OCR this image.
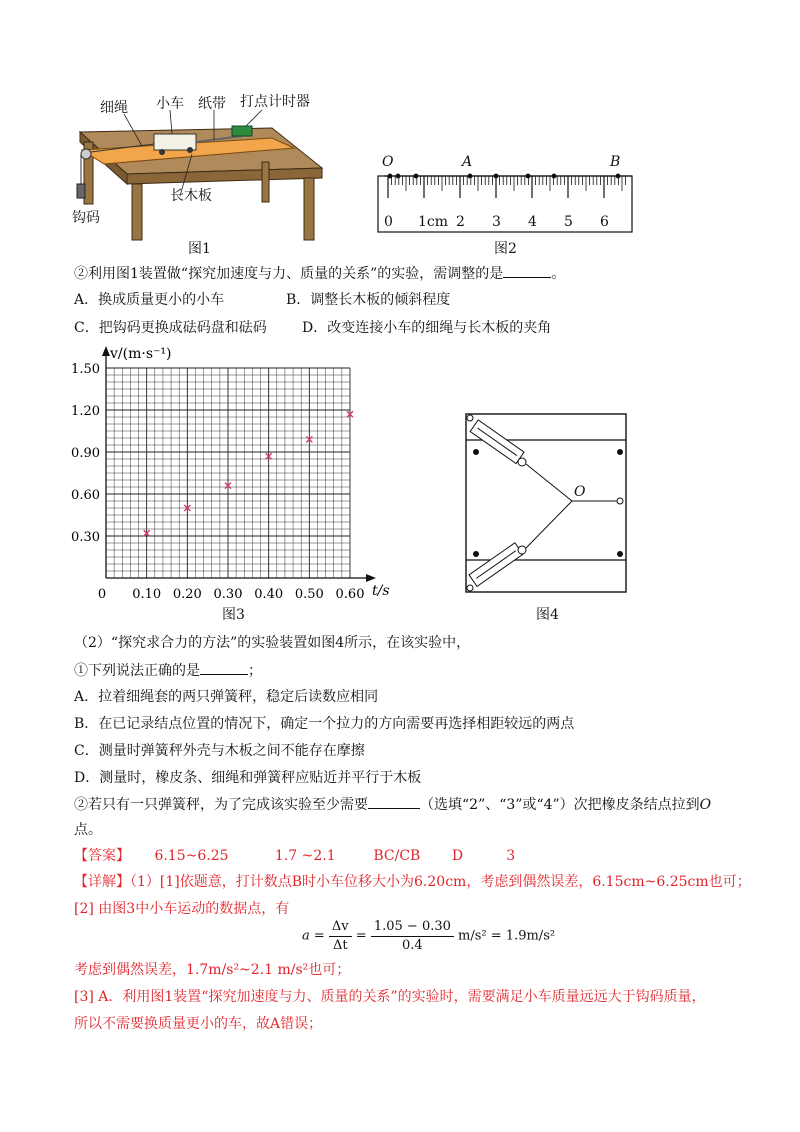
细绳 小车 纸带 打点计时器
长木板
钩码
图1
O	A	B
0 1cm 2 3 4 5 6
图2
②利用图1装置做“探究加速度与力、质量的关系”的实验，需调整的是	。
A．换成质量更小的小车	B．调整长木板的倾斜程度
C．把钩码更换成砝码盘和砝码	D．改变连接小车的细绳与长木板的夹角
0.30
0.60
0.90
1.20
1.50
0 0.10 0.20 0.30 0.40 0.50 0.60
v/(m·s⁻¹)
t/s
图3
O
图4
（2）“探究求合力的方法”的实验装置如图4所示，在该实验中，
①下列说法正确的是	；
A．拉着细绳套的两只弹簧秤，稳定后读数应相同
B．在已记录结点位置的情况下，确定一个拉力的方向需要再选择相距较远的两点
C．测量时弹簧秤外壳与木板之间不能存在摩擦
D．测量时，橡皮条、细绳和弹簧秤应贴近并平行于木板
②若只有一只弹簧秤，为了完成该实验至少需要	（选填“2”、“3”或“4”）次把橡皮条结点拉到O
点。
【答案】 6.15~6.25	1.7 ~2.1	BC/CB D	3
【详解】（1）[1]依题意，打计数点B时小车位移大小为6.20cm，考虑到偶然误差，6.15cm~6.25cm也可；
[2] 由图3中小车运动的数据点，有
$a = \frac{\Delta v}{\Delta t} = \frac{1.05 - 0.30}{0.4} m/s^2 = 1.9m/s^2$
考虑到偶然误差，1.7m/s²~2.1 m/s²也可；
[3] A．利用图1装置“探究加速度与力、质量的关系”的实验时，需要满足小车质量远远大于钩码质量，
所以不需要换质量更小的车，故A错误；
